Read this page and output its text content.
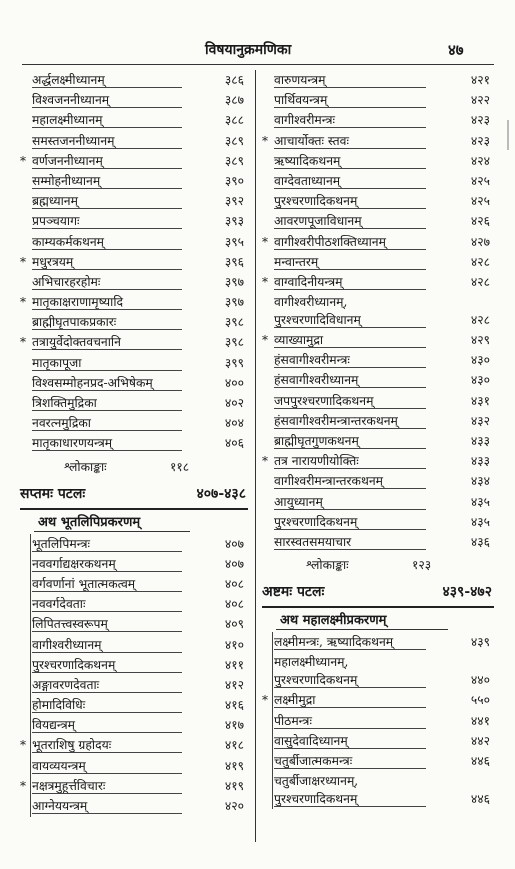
विषयानुक्रमणिका	४७
अर्द्धलक्ष्मीध्यानम्	३८६
विश्वजननीध्यानम्	३८७
महालक्ष्मीध्यानम्	३८८
समस्तजननीध्यानम्	३८९
* वर्णजननीध्यानम्	३८९
सम्मोहनीध्यानम्	३९०
ब्रह्मध्यानम्	३९२
प्रपञ्चयागः	३९३
काम्यकर्मकथनम्	३९५
* मधुरत्रयम्	३९६
अभिचारहरहोमः	३९७
* मातृकाक्षराणामृष्यादि	३९७
ब्राह्मीघृतपाकप्रकारः	३९८
* तत्रायुर्वेदोक्तवचनानि	३९८
मातृकापूजा	३९९
विश्वसम्मोहनप्रद-अभिषेकम्	४००
त्रिशक्तिमुद्रिका	४०२
नवरत्नमुद्रिका	४०४
मातृकाधारणयन्त्रम्	४०६
श्लोकाङ्काः	११८
सप्तमः पटलः	४०७-४३८
अथ भूतलिपिप्रकरणम्
भूतलिपिमन्त्रः	४०७
नववर्गाद्यक्षरकथनम्	४०७
वर्गवर्णानां भूतात्मकत्वम्	४०८
नववर्गदेवताः	४०८
लिपितत्त्वस्वरूपम्	४०९
वागीश्वरीध्यानम्	४१०
पुरश्चरणादिकथनम्	४११
अङ्गावरणदेवताः	४१२
होमादिविधिः	४१६
वियद्यन्त्रम्	४१७
* भूतराशिषु ग्रहोदयः	४१८
वायव्ययन्त्रम्	४१९
* नक्षत्रमुहूर्त्तविचारः	४१९
आग्नेययन्त्रम्	४२०
वारुणयन्त्रम्	४२१
पार्थिवयन्त्रम्	४२२
वागीश्वरीमन्त्रः	४२३
* आचार्योक्तः स्तवः	४२३
ऋष्यादिकथनम्	४२४
वाग्देवताध्यानम्	४२५
पुरश्चरणादिकथनम्	४२५
आवरणपूजाविधानम्	४२६
* वागीश्वरीपीठशक्तिध्यानम्	४२७
मन्वान्तरम्	४२८
* वाग्वादिनीयन्त्रम्	४२८
वागीश्वरीध्यानम्,
पुरश्चरणादिविधानम्	४२८
* व्याख्यामुद्रा	४२९
हंसवागीश्वरीमन्त्रः	४३०
हंसवागीश्वरीध्यानम्	४३०
जपपुरश्चरणादिकथनम्	४३१
हंसवागीश्वरीमन्त्रान्तरकथनम्	४३२
ब्राह्मीघृतगुणकथनम्	४३३
* तत्र नारायणीयोक्तिः	४३३
वागीश्वरीमन्त्रान्तरकथनम्	४३४
आयुध्यानम्	४३५
पुरश्चरणादिकथनम्	४३५
सारस्वतसमयाचार	४३६
श्लोकाङ्काः	१२३
अष्टमः पटलः	४३९-४७२
अथ महालक्ष्मीप्रकरणम्
लक्ष्मीमन्त्रः, ऋष्यादिकथनम्	४३९
महालक्ष्मीध्यानम्,
पुरश्चरणादिकथनम्	४४०
* लक्ष्मीमुद्रा	५५०
पीठमन्त्रः	४४१
वासुदेवादिध्यानम्	४४२
चतुर्बीजात्मकमन्त्रः	४४६
चतुर्बीजाक्षरध्यानम्,
पुरश्चरणादिकथनम्	४४६
